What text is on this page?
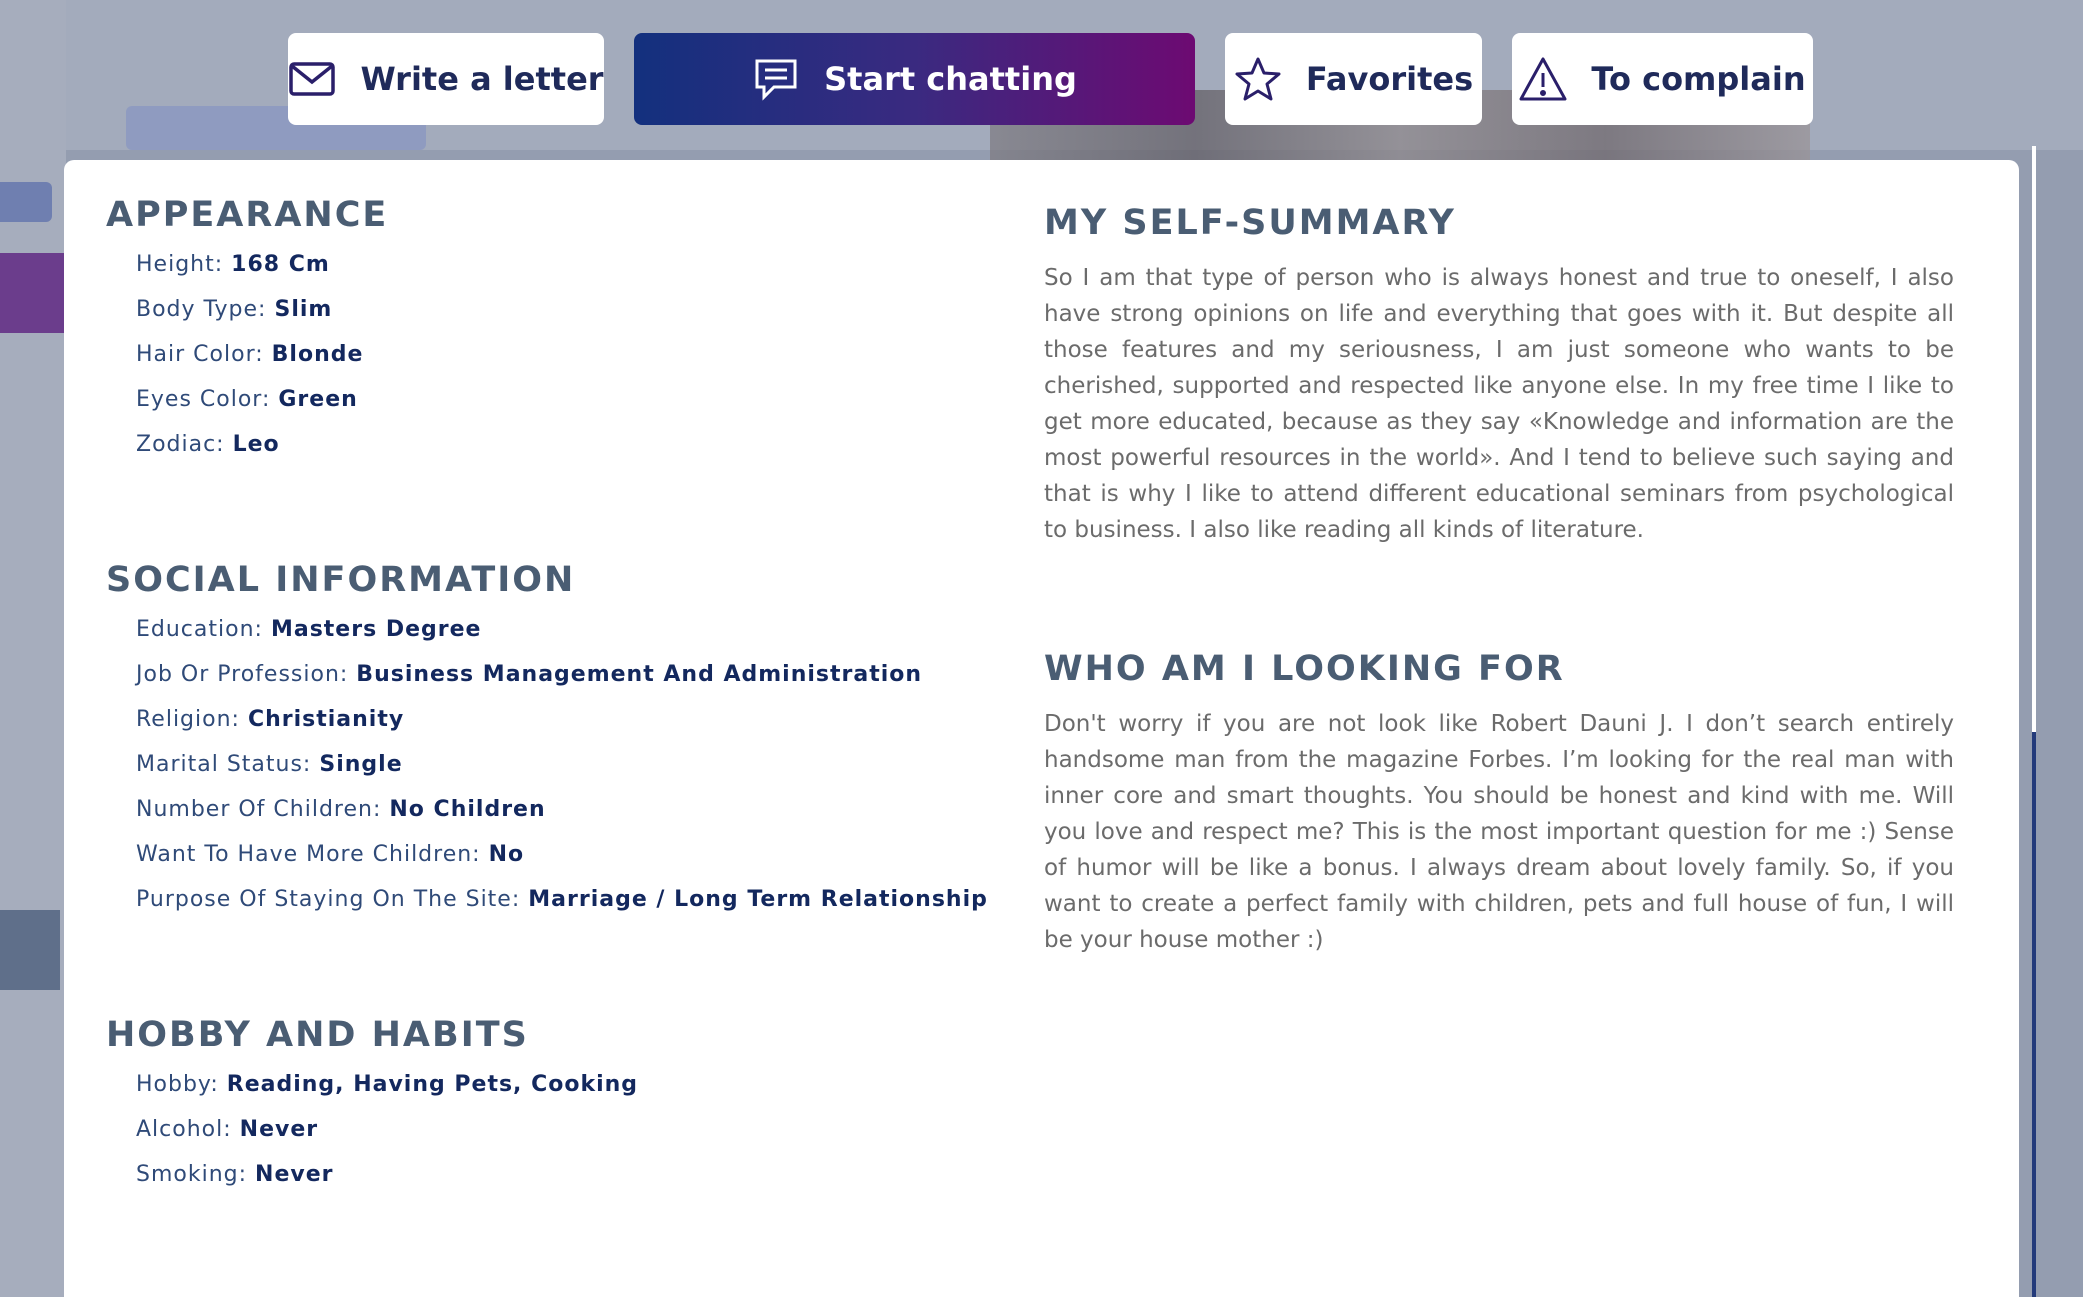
Write a letter	Start chatting	Favorites	To complain
APPEARANCE
Height: 168 Cm
Body Type: Slim
Hair Color: Blonde
Eyes Color: Green
Zodiac: Leo
SOCIAL INFORMATION
Education: Masters Degree
Job Or Profession: Business Management And Administration
Religion: Christianity
Marital Status: Single
Number Of Children: No Children
Want To Have More Children: No
Purpose Of Staying On The Site: Marriage / Long Term Relationship
HOBBY AND HABITS
Hobby: Reading, Having Pets, Cooking
Alcohol: Never
Smoking: Never
MY SELF-SUMMARY

So I am that type of person who is always honest and true to oneself, I also have strong opinions on life and everything that goes with it. But despite all those features and my seriousness, I am just someone who wants to be cherished, supported and respected like anyone else. In my free time I like to get more educated, because as they say «Knowledge and information are the most powerful resources in the world». And I tend to believe such saying and that is why I like to attend different educational seminars from psychological to business. I also like reading all kinds of literature.

WHO AM I LOOKING FOR

Don't worry if you are not look like Robert Dauni J. I don’t search entirely handsome man from the magazine Forbes. I’m looking for the real man with inner core and smart thoughts. You should be honest and kind with me. Will you love and respect me? This is the most important question for me :) Sense of humor will be like a bonus. I always dream about lovely family. So, if you want to create a perfect family with children, pets and full house of fun, I will be your house mother :)
